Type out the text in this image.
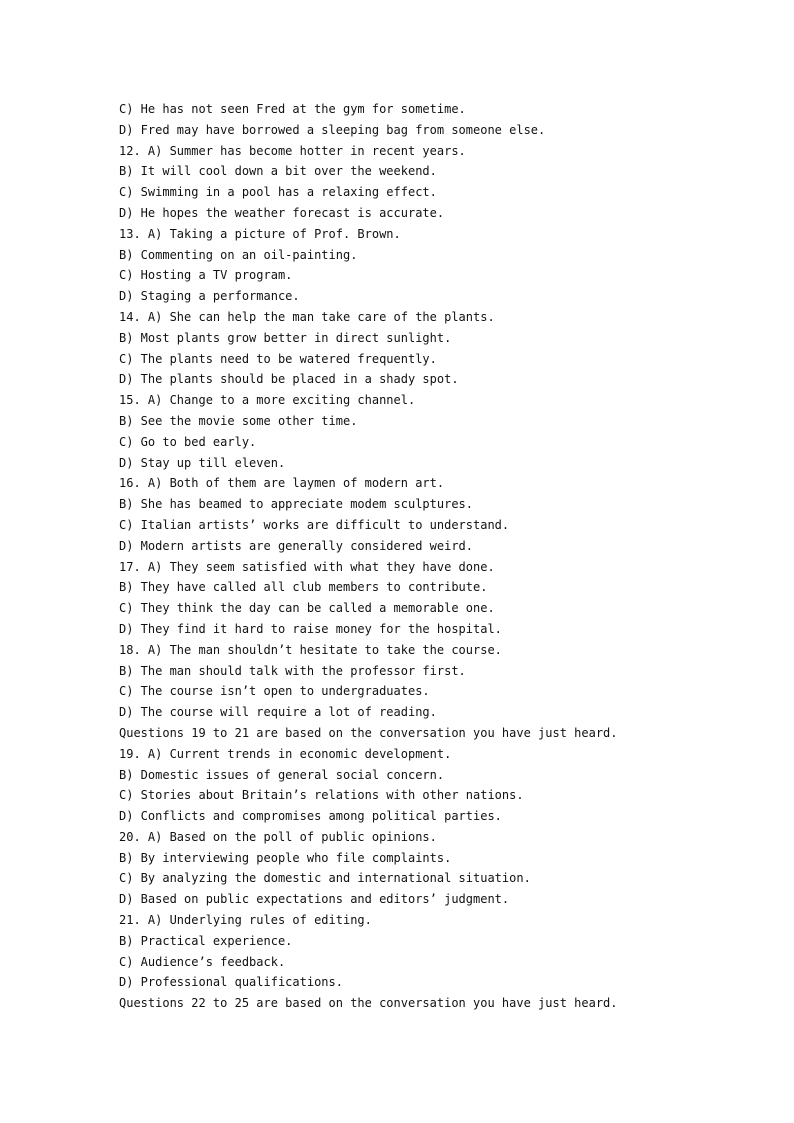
C) He has not seen Fred at the gym for sometime.
D) Fred may have borrowed a sleeping bag from someone else.
12. A) Summer has become hotter in recent years.
B) It will cool down a bit over the weekend.
C) Swimming in a pool has a relaxing effect.
D) He hopes the weather forecast is accurate.
13. A) Taking a picture of Prof. Brown.
B) Commenting on an oil-painting.
C) Hosting a TV program.
D) Staging a performance.
14. A) She can help the man take care of the plants.
B) Most plants grow better in direct sunlight.
C) The plants need to be watered frequently.
D) The plants should be placed in a shady spot.
15. A) Change to a more exciting channel.
B) See the movie some other time.
C) Go to bed early.
D) Stay up till eleven.
16. A) Both of them are laymen of modern art.
B) She has beamed to appreciate modem sculptures.
C) Italian artists’ works are difficult to understand.
D) Modern artists are generally considered weird.
17. A) They seem satisfied with what they have done.
B) They have called all club members to contribute.
C) They think the day can be called a memorable one.
D) They find it hard to raise money for the hospital.
18. A) The man shouldn’t hesitate to take the course.
B) The man should talk with the professor first.
C) The course isn’t open to undergraduates.
D) The course will require a lot of reading.
Questions 19 to 21 are based on the conversation you have just heard.
19. A) Current trends in economic development.
B) Domestic issues of general social concern.
C) Stories about Britain’s relations with other nations.
D) Conflicts and compromises among political parties.
20. A) Based on the poll of public opinions.
B) By interviewing people who file complaints.
C) By analyzing the domestic and international situation.
D) Based on public expectations and editors’ judgment.
21. A) Underlying rules of editing.
B) Practical experience.
C) Audience’s feedback.
D) Professional qualifications.
Questions 22 to 25 are based on the conversation you have just heard.
